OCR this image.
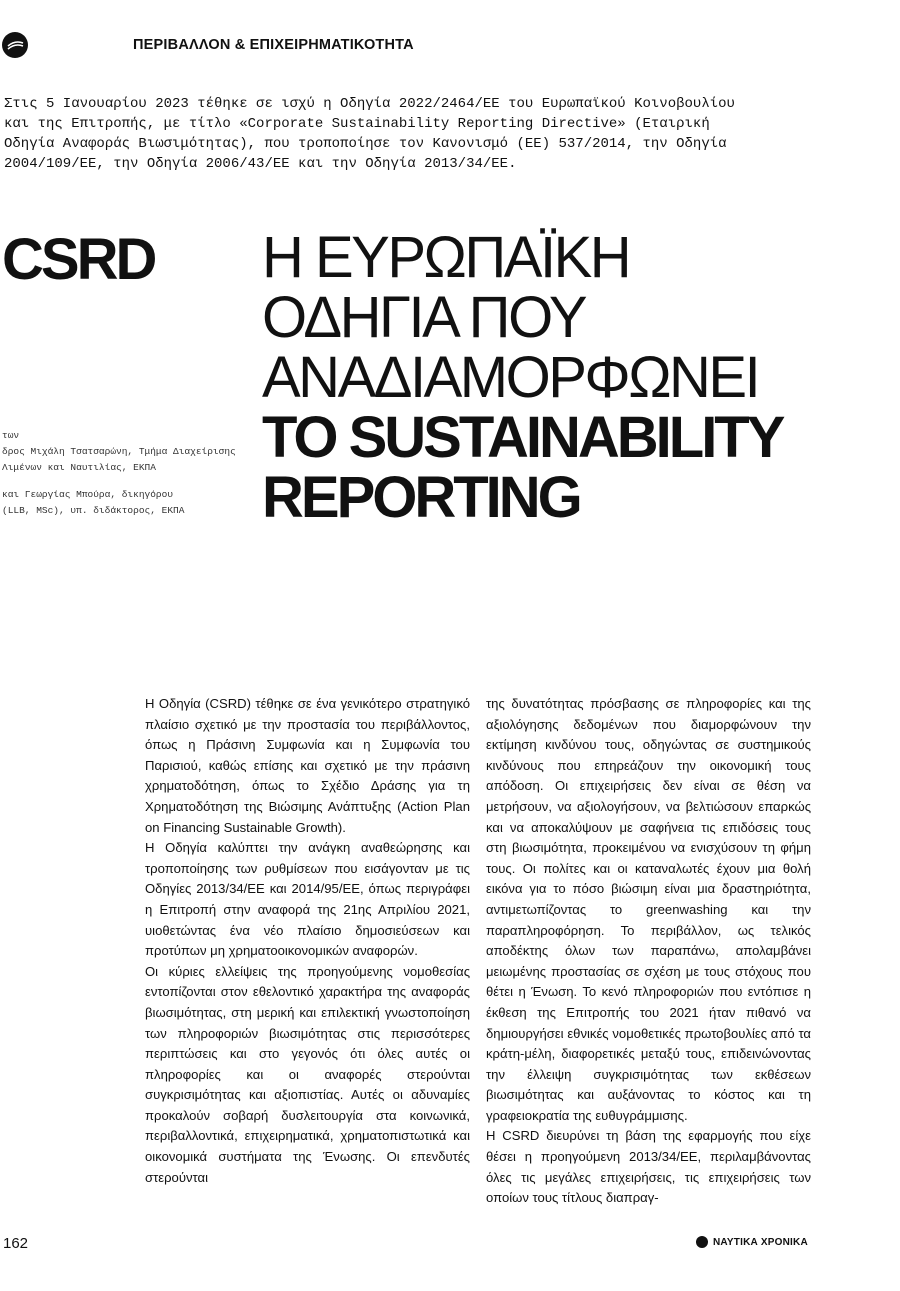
ΠΕΡΙΒΑΛΛΟΝ & ΕΠΙΧΕΙΡΗΜΑΤΙΚΟΤΗΤΑ
Στις 5 Ιανουαρίου 2023 τέθηκε σε ισχύ η Οδηγία 2022/2464/ΕΕ του Ευρωπαϊκού Κοινοβουλίου
και της Επιτροπής, με τίτλο «Corporate Sustainability Reporting Directive» (Εταιρική
Οδηγία Αναφοράς Βιωσιμότητας), που τροποποίησε τον Κανονισμό (ΕΕ) 537/2014, την Οδηγία
2004/109/ΕΕ, την Οδηγία 2006/43/ΕΕ και την Οδηγία 2013/34/ΕΕ.
CSRD Η ΕΥΡΩΠΑΪΚΗ
ΟΔΗΓΙΑ ΠΟΥ
ΑΝΑΔΙΑΜΟΡΦΩΝΕΙ
TO SUSTAINABILITY
REPORTING
των
δρος Μιχάλη Τσατσαρώνη, Τμήμα Διαχείρισης
Λιμένων και Ναυτιλίας, ΕΚΠΑ
και Γεωργίας Μπούρα, δικηγόρου
(LLB, MSc), υπ. διδάκτορος, ΕΚΠΑ

Η Οδηγία (CSRD) τέθηκε σε ένα γενικότερο στρατηγικό πλαίσιο σχετικό με την προστασία του περιβάλλοντος, όπως η Πράσινη Συμφωνία και η Συμφωνία του Παρισιού, καθώς επίσης και σχετικό με την πράσινη χρηματοδότηση, όπως το Σχέδιο Δράσης για τη Χρηματοδότηση της Βιώσιμης Ανάπτυξης (Action Plan on Financing Sustainable Growth).

Η Οδηγία καλύπτει την ανάγκη αναθεώρησης και τροποποίησης των ρυθμίσεων που εισάγονταν με τις Οδηγίες 2013/34/ΕΕ και 2014/95/ΕΕ, όπως περιγράφει η Επιτροπή στην αναφορά της 21ης Απριλίου 2021, υιοθετώντας ένα νέο πλαίσιο δημοσιεύσεων και προτύπων μη χρηματοοικονομικών αναφορών.

Οι κύριες ελλείψεις της προηγούμενης νομοθεσίας εντοπίζονται στον εθελοντικό χαρακτήρα της αναφοράς βιωσιμότητας, στη μερική και επιλεκτική γνωστοποίηση των πληροφοριών βιωσιμότητας στις περισσότερες περιπτώσεις και στο γεγονός ότι όλες αυτές οι πληροφορίες και οι αναφορές στερούνται συγκρισιμότητας και αξιοπιστίας. Αυτές οι αδυναμίες προκαλούν σοβαρή δυσλειτουργία στα κοινωνικά, περιβαλλοντικά, επιχειρηματικά, χρηματοπιστωτικά και οικονομικά συστήματα της Ένωσης. Οι επενδυτές στερούνται

της δυνατότητας πρόσβασης σε πληροφορίες και της αξιολόγησης δεδομένων που διαμορφώνουν την εκτίμηση κινδύνου τους, οδηγώντας σε συστημικούς κινδύνους που επηρεάζουν την οικονομική τους απόδοση. Οι επιχειρήσεις δεν είναι σε θέση να μετρήσουν, να αξιολογήσουν, να βελτιώσουν επαρκώς και να αποκαλύψουν με σαφήνεια τις επιδόσεις τους στη βιωσιμότητα, προκειμένου να ενισχύσουν τη φήμη τους. Οι πολίτες και οι καταναλωτές έχουν μια θολή εικόνα για το πόσο βιώσιμη είναι μια δραστηριότητα, αντιμετωπίζοντας το greenwashing και την παραπληροφόρηση. Το περιβάλλον, ως τελικός αποδέκτης όλων των παραπάνω, απολαμβάνει μειωμένης προστασίας σε σχέση με τους στόχους που θέτει η Ένωση. Το κενό πληροφοριών που εντόπισε η έκθεση της Επιτροπής του 2021 ήταν πιθανό να δημιουργήσει εθνικές νομοθετικές πρωτοβουλίες από τα κράτη-μέλη, διαφορετικές μεταξύ τους, επιδεινώνοντας την έλλειψη συγκρισιμότητας των εκθέσεων βιωσιμότητας και αυξάνοντας το κόστος και τη γραφειοκρατία της ευθυγράμμισης.

Η CSRD διευρύνει τη βάση της εφαρμογής που είχε θέσει η προηγούμενη 2013/34/ΕΕ, περιλαμβάνοντας όλες τις μεγάλες επιχειρήσεις, τις επιχειρήσεις των οποίων τους τίτλους διαπραγ-

162	ΝΑΥΤΙΚΑ ΧΡΟΝΙΚΑ
